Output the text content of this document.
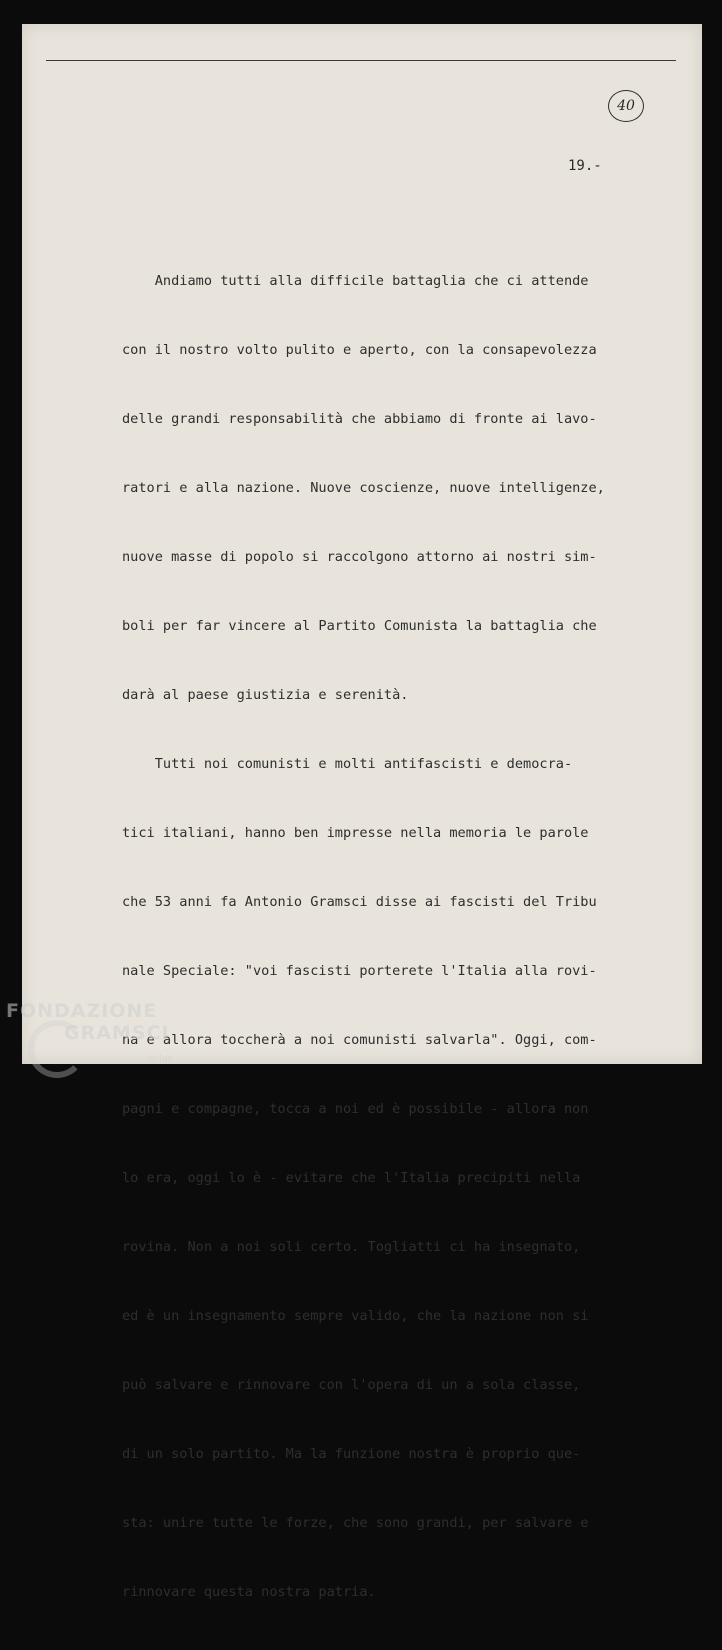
40
19.-

Andiamo tutti alla difficile battaglia che ci attende

con il nostro volto pulito e aperto, con la consapevolezza

delle grandi responsabilità che abbiamo di fronte ai lavo-

ratori e alla nazione. Nuove coscienze, nuove intelligenze,

nuove masse di popolo si raccolgono attorno ai nostri sim-

boli per far vincere al Partito Comunista la battaglia che

darà al paese giustizia e serenità.

Tutti noi comunisti e molti antifascisti e democra-

tici italiani, hanno ben impresse nella memoria le parole

che 53 anni fa Antonio Gramsci disse ai fascisti del Tribu

nale Speciale: "voi fascisti porterete l'Italia alla rovi-

na e allora toccherà a noi comunisti salvarla". Oggi, com-

pagni e compagne, tocca a noi ed è possibile - allora non

lo era, oggi lo è - evitare che l'Italia precipiti nella

rovina. Non a noi soli certo. Togliatti ci ha insegnato,

ed è un insegnamento sempre valido, che la nazione non si

può salvare e rinnovare con l'opera di un a sola classe,

di un solo partito. Ma la funzione nostra è proprio que-

sta: unire tutte le forze, che sono grandi, per salvare e

rinnovare questa nostra patria.

FONDAZIONE
GRAMSCI
onlus
